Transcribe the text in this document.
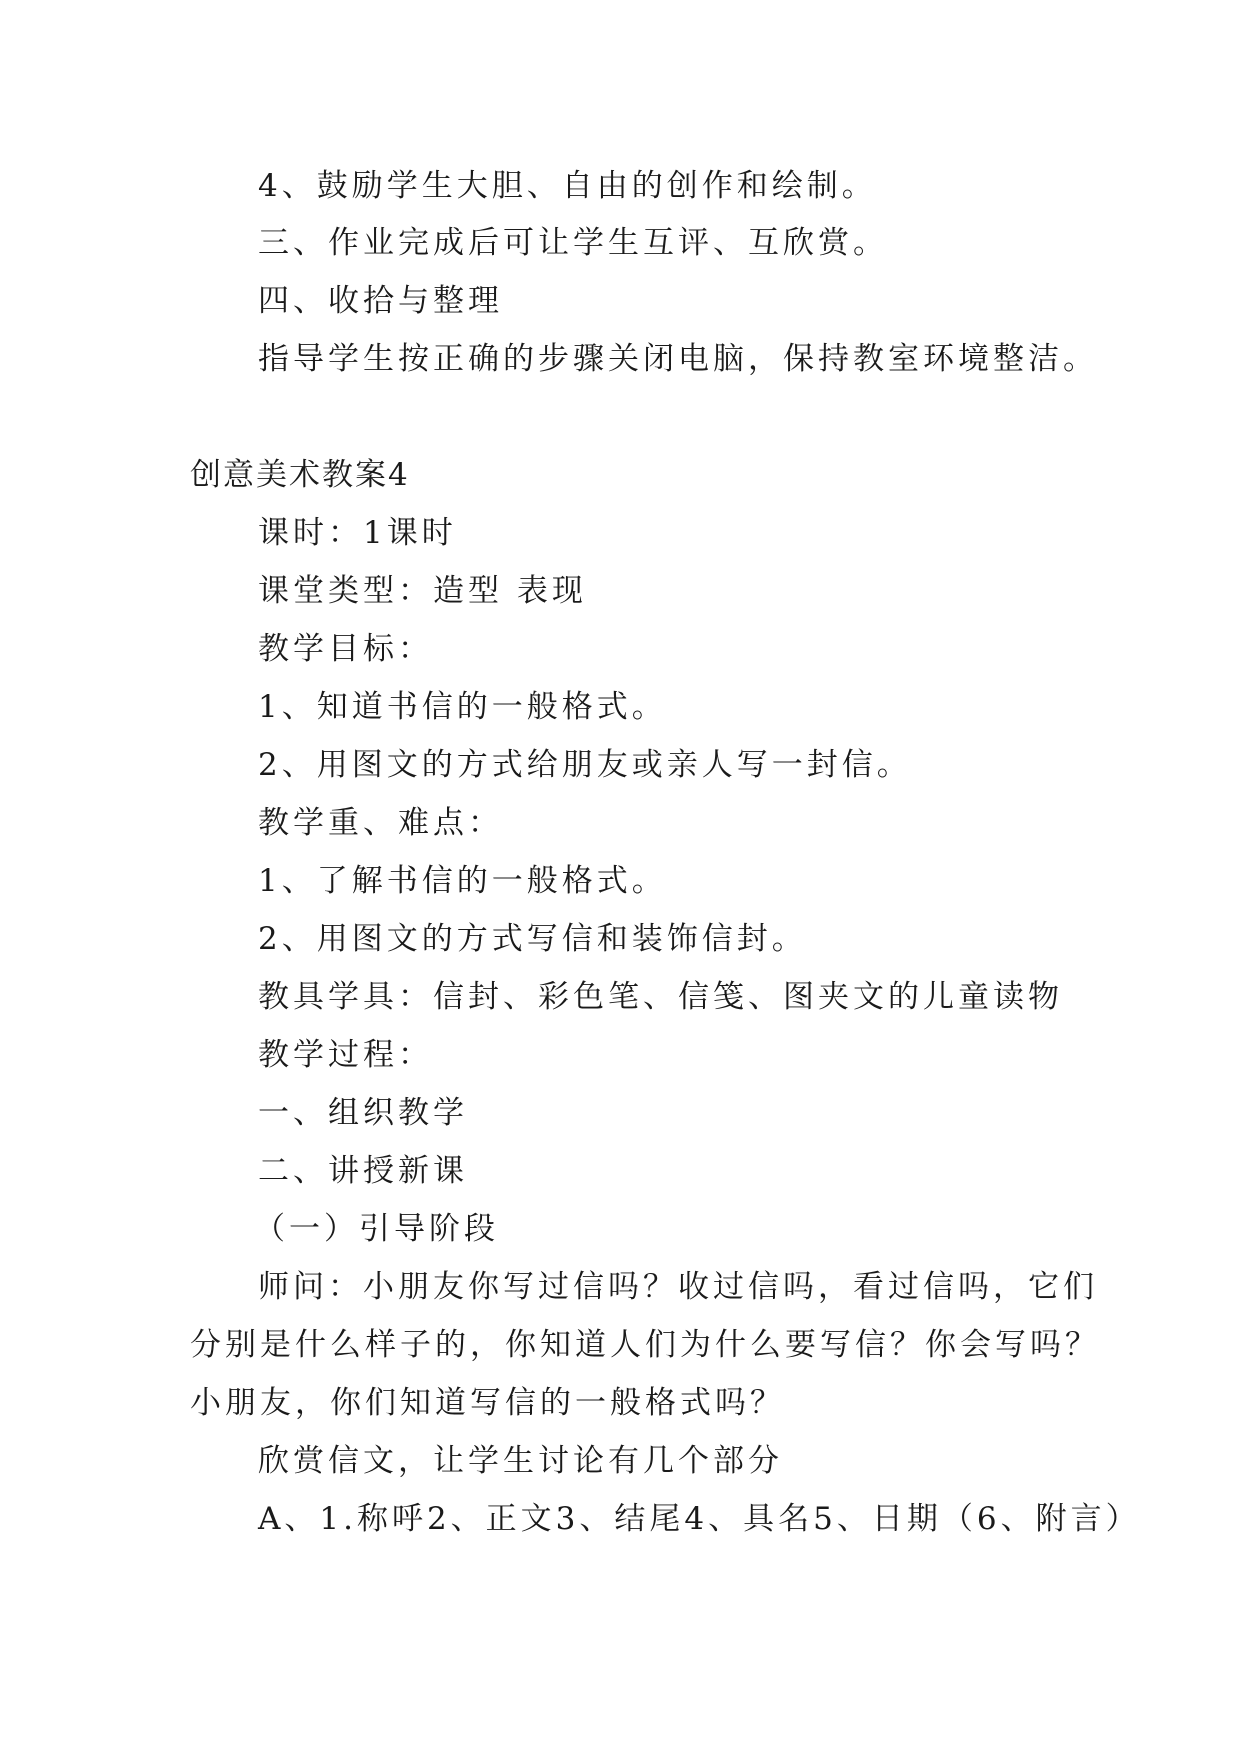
4、鼓励学生大胆、自由的创作和绘制。
三、作业完成后可让学生互评、互欣赏。
四、收拾与整理
指导学生按正确的步骤关闭电脑，保持教室环境整洁。
创意美术教案4
课时：1课时
课堂类型：造型 表现
教学目标：
1、知道书信的一般格式。
2、用图文的方式给朋友或亲人写一封信。
教学重、难点：
1、了解书信的一般格式。
2、用图文的方式写信和装饰信封。
教具学具：信封、彩色笔、信笺、图夹文的儿童读物
教学过程：
一、组织教学
二、讲授新课
（一）引导阶段
师问：小朋友你写过信吗？收过信吗，看过信吗，它们
分别是什么样子的，你知道人们为什么要写信？你会写吗？
小朋友，你们知道写信的一般格式吗？
欣赏信文，让学生讨论有几个部分
A、1.称呼2、正文3、结尾4、具名5、日期（6、附言）
